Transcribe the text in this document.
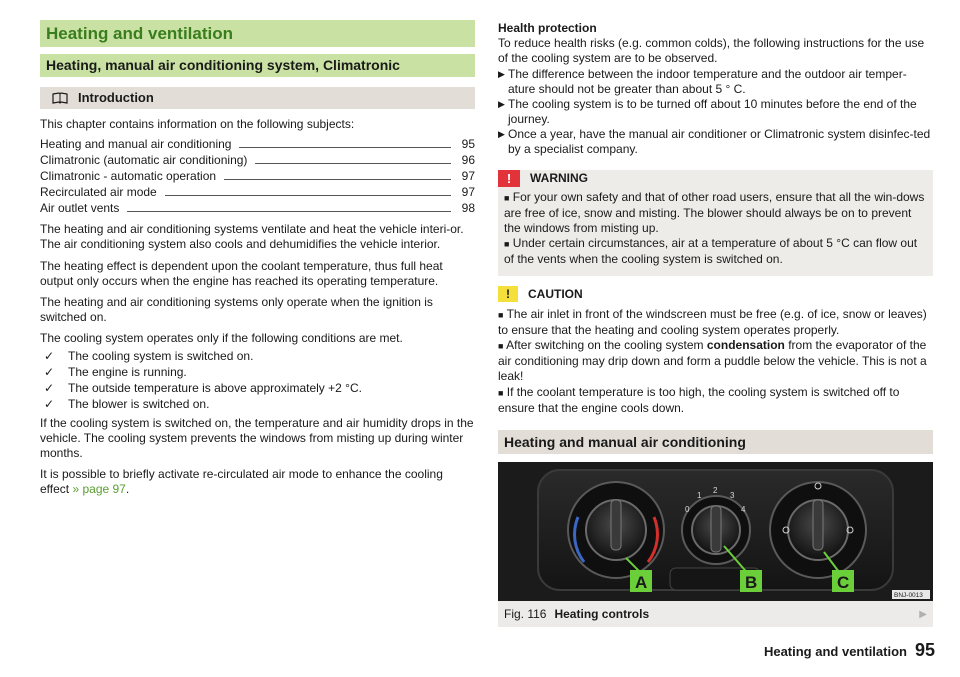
Heating and ventilation
Heating, manual air conditioning system, Climatronic
Introduction

This chapter contains information on the following subjects:

Heating and manual air conditioning	95
Climatronic (automatic air conditioning)	96
Climatronic - automatic operation	97
Recirculated air mode	97
Air outlet vents	98

The heating and air conditioning systems ventilate and heat the vehicle interi-or. The air conditioning system also cools and dehumidifies the vehicle interior.

The heating effect is dependent upon the coolant temperature, thus full heat output only occurs when the engine has reached its operating temperature.

The heating and air conditioning systems only operate when the ignition is switched on.

The cooling system operates only if the following conditions are met.

✓	The cooling system is switched on.
✓	The engine is running.
✓	The outside temperature is above approximately +2 °C.
✓	The blower is switched on.

If the cooling system is switched on, the temperature and air humidity drops in the vehicle. The cooling system prevents the windows from misting up during winter months.

It is possible to briefly activate re-circulated air mode to enhance the cooling effect » page 97.

Health protection

To reduce health risks (e.g. common colds), the following instructions for the use of the cooling system are to be observed.

▶ The difference between the indoor temperature and the outdoor air temper-ature should not be greater than about 5 ° C.
▶ The cooling system is to be turned off about 10 minutes before the end of the journey.
▶ Once a year, have the manual air conditioner or Climatronic system disinfec-ted by a specialist company.
!	WARNING

■ For your own safety and that of other road users, ensure that all the win-dows are free of ice, snow and misting. The blower should always be on to prevent the windows from misting up.

■ Under certain circumstances, air at a temperature of about 5 °C can flow out of the vents when the cooling system is switched on.

!	CAUTION

■ The air inlet in front of the windscreen must be free (e.g. of ice, snow or leaves) to ensure that the heating and cooling system operates properly.

■ After switching on the cooling system condensation from the evaporator of the air conditioning may drip down and form a puddle below the vehicle. This is not a leak!

■ If the coolant temperature is too high, the cooling system is switched off to ensure that the engine cools down.

Heating and manual air conditioning
0
1
2
3
4
A	B	C
BNJ-0013
Fig. 116 Heating controls	▶
Heating and ventilation 95
